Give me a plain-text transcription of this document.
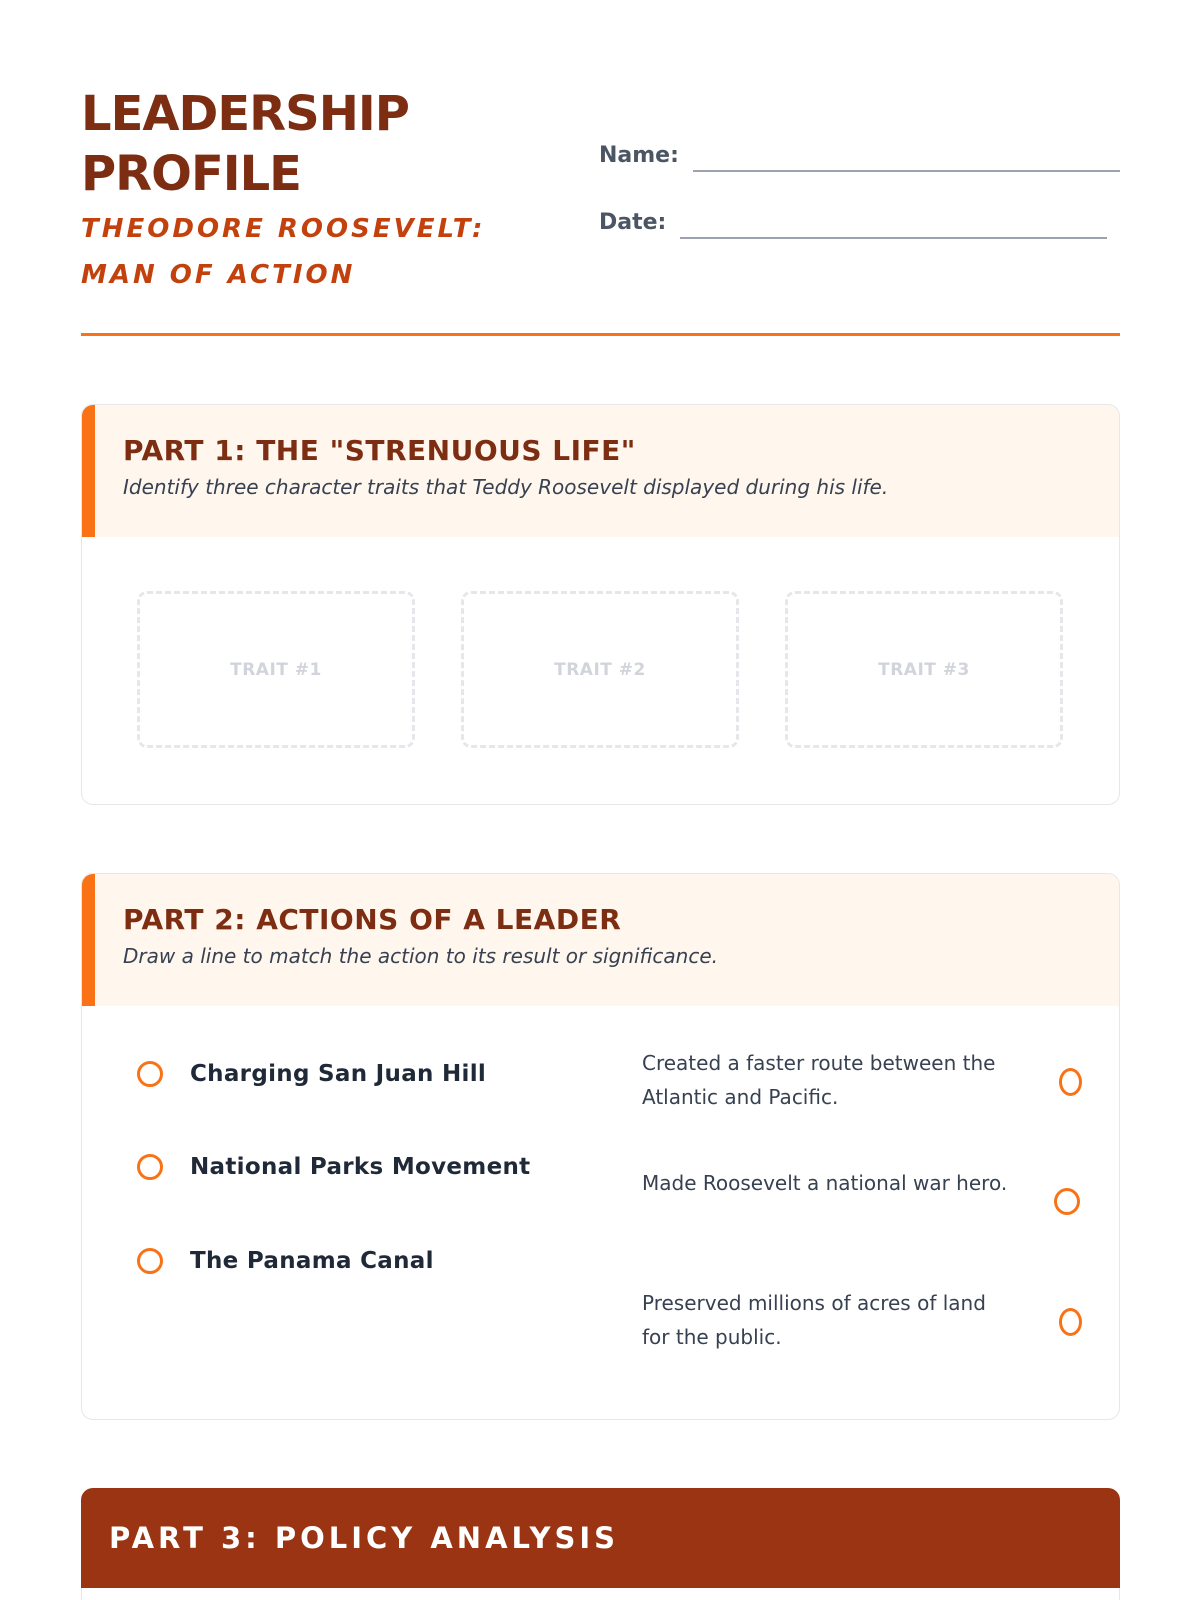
LEADERSHIP
PROFILE

THEODORE ROOSEVELT: MAN OF ACTION

Name:
Date:
PART 1: THE "STRENUOUS LIFE"

Identify three character traits that Teddy Roosevelt displayed during his life.

TRAIT #1	TRAIT #2	TRAIT #3
PART 2: ACTIONS OF A LEADER

Draw a line to match the action to its result or significance.

Charging San Juan Hill
National Parks Movement
The Panama Canal
Created a faster route between the Atlantic and Pacific.
Made Roosevelt a national war hero.
Preserved millions of acres of land for the public.
PART 3: POLICY ANALYSIS
